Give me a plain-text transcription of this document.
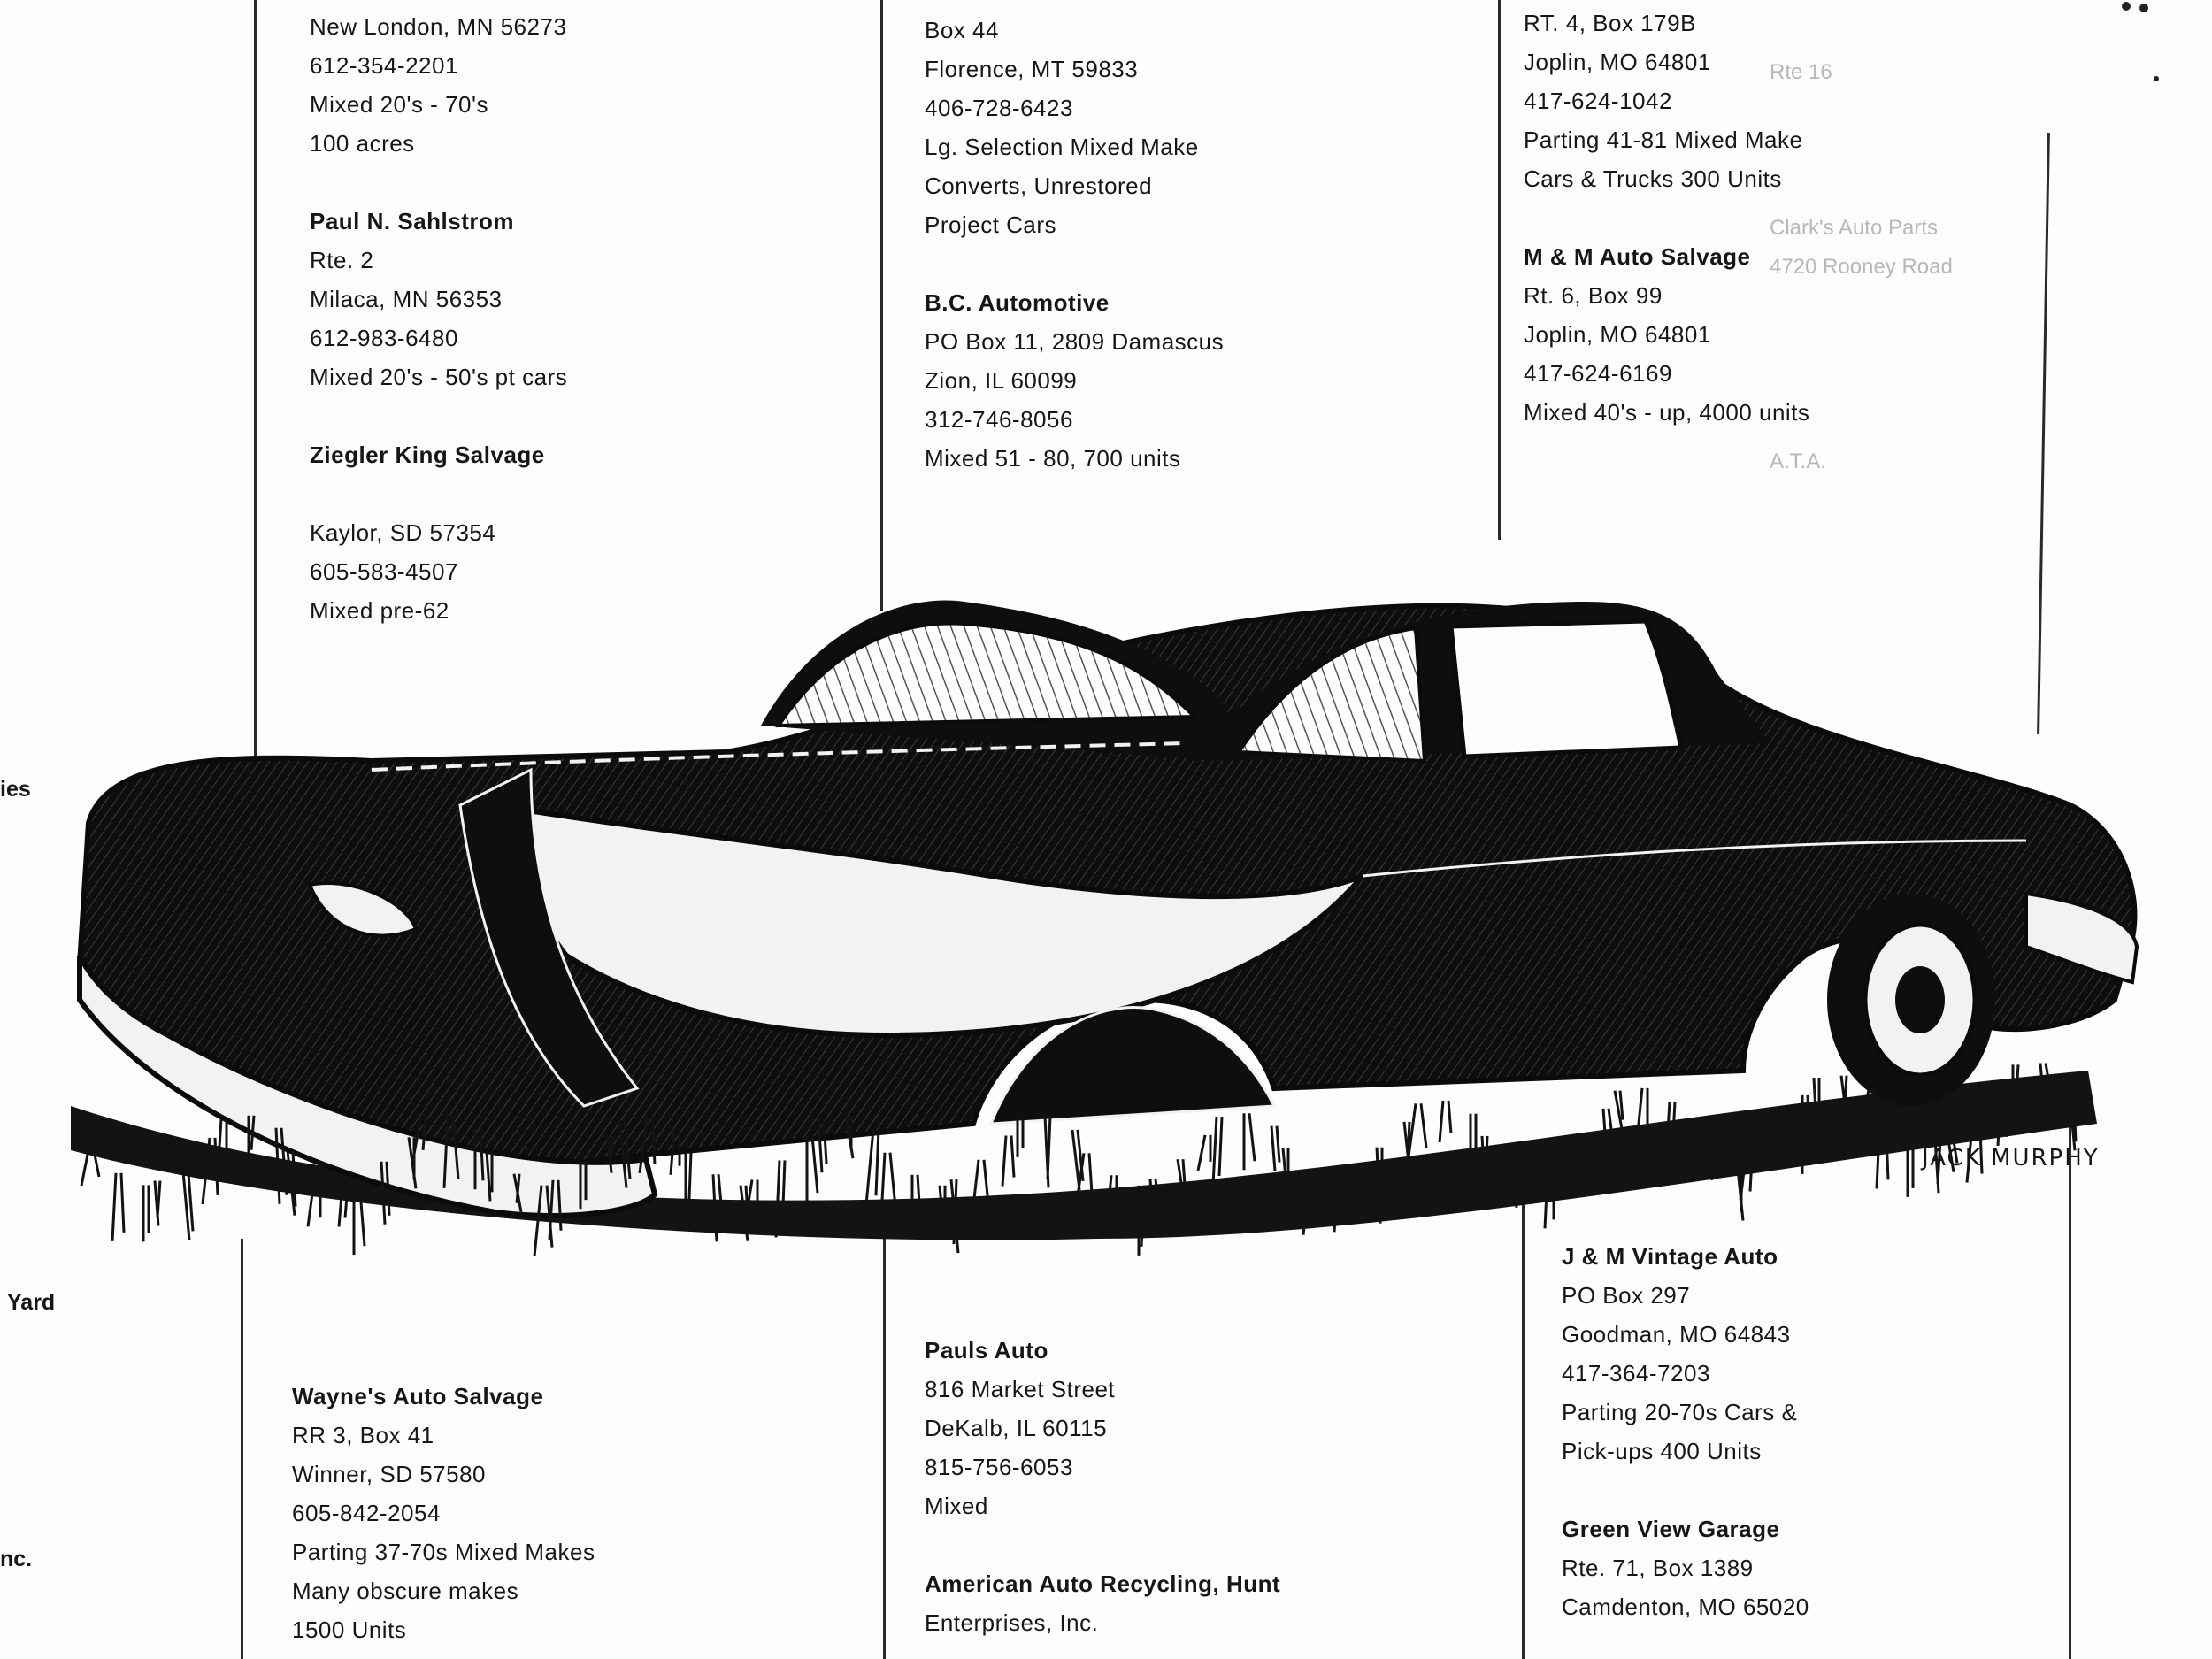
Rte 16
Clark's Auto Parts
4720 Rooney Road
A.T.A.
ies
Yard
nc.
New London, MN 56273
612-354-2201
Mixed 20's - 70's
100 acres
Paul N. Sahlstrom
Rte. 2
Milaca, MN 56353
612-983-6480
Mixed 20's - 50's pt cars
Ziegler King Salvage

Kaylor, SD 57354
605-583-4507
Mixed pre-62
Box 44
Florence, MT 59833
406-728-6423
Lg. Selection Mixed Make
Converts, Unrestored
Project Cars
B.C. Automotive
PO Box 11, 2809 Damascus
Zion, IL 60099
312-746-8056
Mixed 51 - 80, 700 units
RT. 4, Box 179B
Joplin, MO 64801
417-624-1042
Parting 41-81 Mixed Make
Cars & Trucks 300 Units
M & M Auto Salvage
Rt. 6, Box 99
Joplin, MO 64801
417-624-6169
Mixed 40's - up, 4000 units
Wayne's Auto Salvage
RR 3, Box 41
Winner, SD 57580
605-842-2054
Parting 37-70s Mixed Makes
Many obscure makes
1500 Units
Pauls Auto
816 Market Street
DeKalb, IL 60115
815-756-6053
Mixed
American Auto Recycling, Hunt
Enterprises, Inc.
J & M Vintage Auto
PO Box 297
Goodman, MO 64843
417-364-7203
Parting 20-70s Cars &
Pick-ups 400 Units
Green View Garage
Rte. 71, Box 1389
Camdenton, MO 65020
JACK MURPHY
